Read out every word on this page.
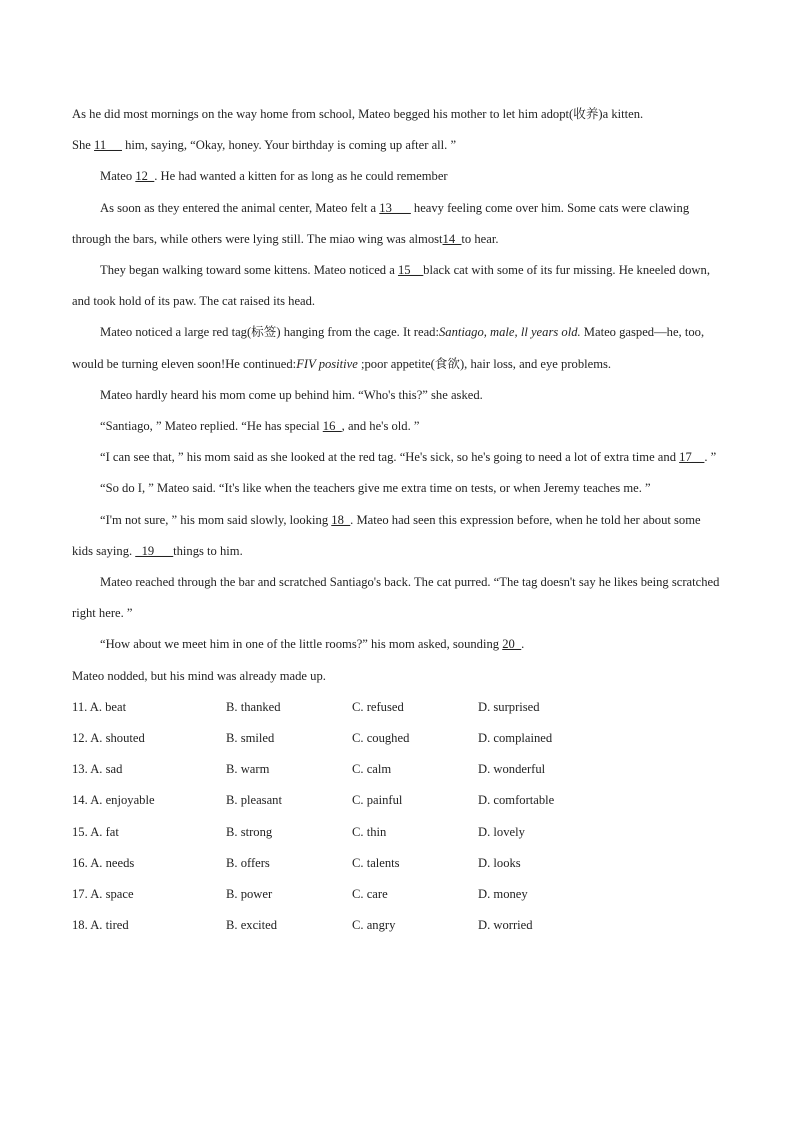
As he did most mornings on the way home from school, Mateo begged his mother to let him adopt(收养)a kitten.
She 11 __ him, saying, “Okay, honey. Your birthday is coming up after all. ”

Mateo 12_. He had wanted a kitten for as long as he could remember

As soon as they entered the animal center, Mateo felt a 13___ heavy feeling come over him. Some cats were clawing through the bars, while others were lying still. The miao wing was almost14_to hear.

They began walking toward some kittens. Mateo noticed a 15__black cat with some of its fur missing. He kneeled down, and took hold of its paw. The cat raised its head.

Mateo noticed a large red tag(标签) hanging from the cage. It read:Santiago, male, ll years old. Mateo gasped—he, too, would be turning eleven soon!He continued:FIV positive ;poor appetite(食欲), hair loss, and eye problems.

Mateo hardly heard his mom come up behind him. “Who's this?” she asked.

“Santiago, ” Mateo replied. “He has special 16_, and he's old. ”

“I can see that, ” his mom said as she looked at the red tag. “He's sick, so he's going to need a lot of extra time and 17__. ”

“So do I, ” Mateo said. “It's like when the teachers give me extra time on tests, or when Jeremy teaches me. ”

“I'm not sure, ” his mom said slowly, looking 18_. Mateo had seen this expression before, when he told her about some kids saying. _19___things to him.

Mateo reached through the bar and scratched Santiago's back. The cat purred. “The tag doesn't say he likes being scratched right here. ”

“How about we meet him in one of the little rooms?” his mom asked, sounding 20_.

Mateo nodded, but his mind was already made up.

11. A. beat	B. thanked	C. refused	D. surprised
12. A. shouted	B. smiled	C. coughed	D. complained
13. A. sad	B. warm	C. calm	D. wonderful
14. A. enjoyable	B. pleasant	C. painful	D. comfortable
15. A. fat	B. strong	C. thin	D. lovely
16. A. needs	B. offers	C. talents	D. looks
17. A. space	B. power	C. care	D. money
18. A. tired	B. excited	C. angry	D. worried
